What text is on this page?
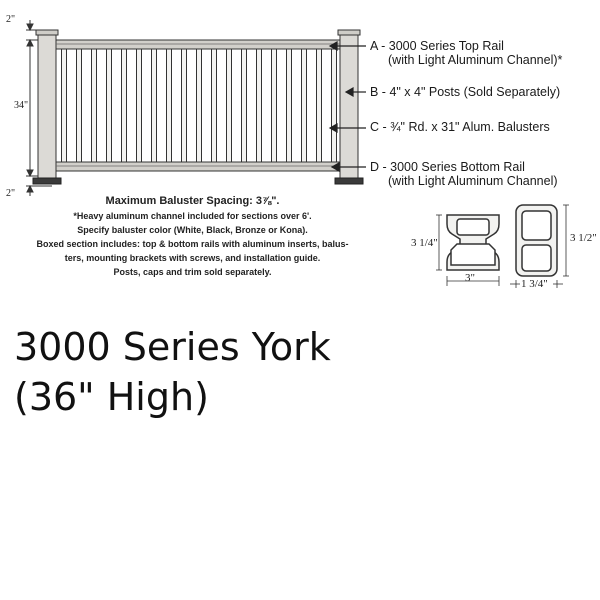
2"
34"
2"
A - 3000 Series Top Rail
(with Light Aluminum Channel)*
B - 4" x 4" Posts (Sold Separately)
C - ¾" Rd. x 31" Alum. Balusters
D - 3000 Series Bottom Rail
(with Light Aluminum Channel)
Maximum Baluster Spacing: 3⅞".
*Heavy aluminum channel included for sections over 6'.
Specify baluster color (White, Black, Bronze or Kona).
Boxed section includes: top & bottom rails with aluminum inserts, balus-
ters, mounting brackets with screws, and installation guide.
Posts, caps and trim sold separately.
3 1/4"
3"
3 1/2"
1 3/4"
3000 Series York
(36" High)
